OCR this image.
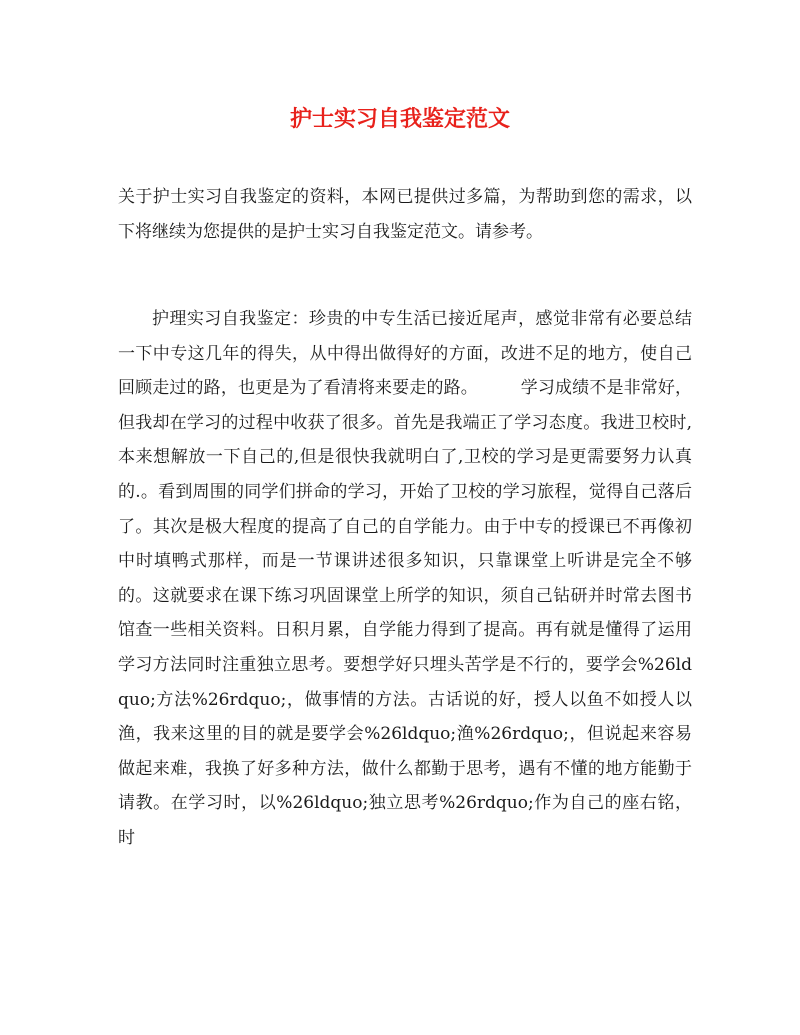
护士实习自我鉴定范文

关于护士实习自我鉴定的资料，本网已提供过多篇，为帮助到您的需求，以下将继续为您提供的是护士实习自我鉴定范文。请参考。

护理实习自我鉴定：珍贵的中专生活已接近尾声，感觉非常有必要总结一下中专这几年的得失，从中得出做得好的方面，改进不足的地方，使自己回顾走过的路，也更是为了看清将来要走的路。　　　学习成绩不是非常好，但我却在学习的过程中收获了很多。首先是我端正了学习态度。我进卫校时,本来想解放一下自己的,但是很快我就明白了,卫校的学习是更需要努力认真的.。看到周围的同学们拼命的学习，开始了卫校的学习旅程，觉得自己落后了。其次是极大程度的提高了自己的自学能力。由于中专的授课已不再像初中时填鸭式那样，而是一节课讲述很多知识，只靠课堂上听讲是完全不够的。这就要求在课下练习巩固课堂上所学的知识，须自己钻研并时常去图书馆查一些相关资料。日积月累，自学能力得到了提高。再有就是懂得了运用学习方法同时注重独立思考。要想学好只埋头苦学是不行的，要学会%26ldquo;方法%26rdquo;，做事情的方法。古话说的好，授人以鱼不如授人以渔，我来这里的目的就是要学会%26ldquo;渔%26rdquo;，但说起来容易做起来难，我换了好多种方法，做什么都勤于思考，遇有不懂的地方能勤于请教。在学习时，以%26ldquo;独立思考%26rdquo;作为自己的座右铭，时
